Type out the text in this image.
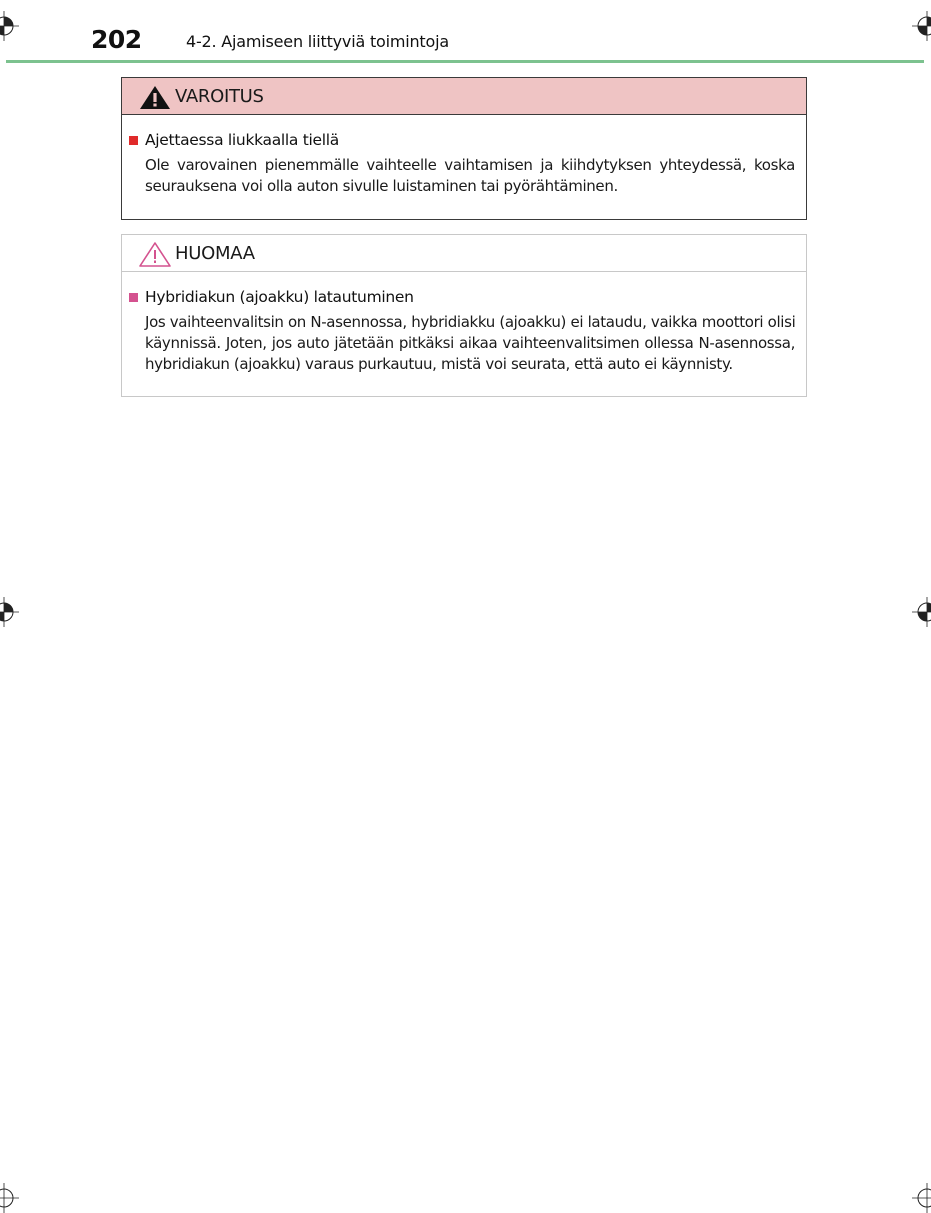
202	4-2. Ajamiseen liittyviä toimintoja
VAROITUS
Ajettaessa liukkaalla tiellä
Ole varovainen pienemmälle vaihteelle vaihtamisen ja kiihdytyksen yhteydessä, koska
seurauksena voi olla auton sivulle luistaminen tai pyörähtäminen.
HUOMAA
Hybridiakun (ajoakku) latautuminen
Jos vaihteenvalitsin on N-asennossa, hybridiakku (ajoakku) ei lataudu, vaikka moottori olisi
käynnissä. Joten, jos auto jätetään pitkäksi aikaa vaihteenvalitsimen ollessa N-asennossa,
hybridiakun (ajoakku) varaus purkautuu, mistä voi seurata, että auto ei käynnisty.
